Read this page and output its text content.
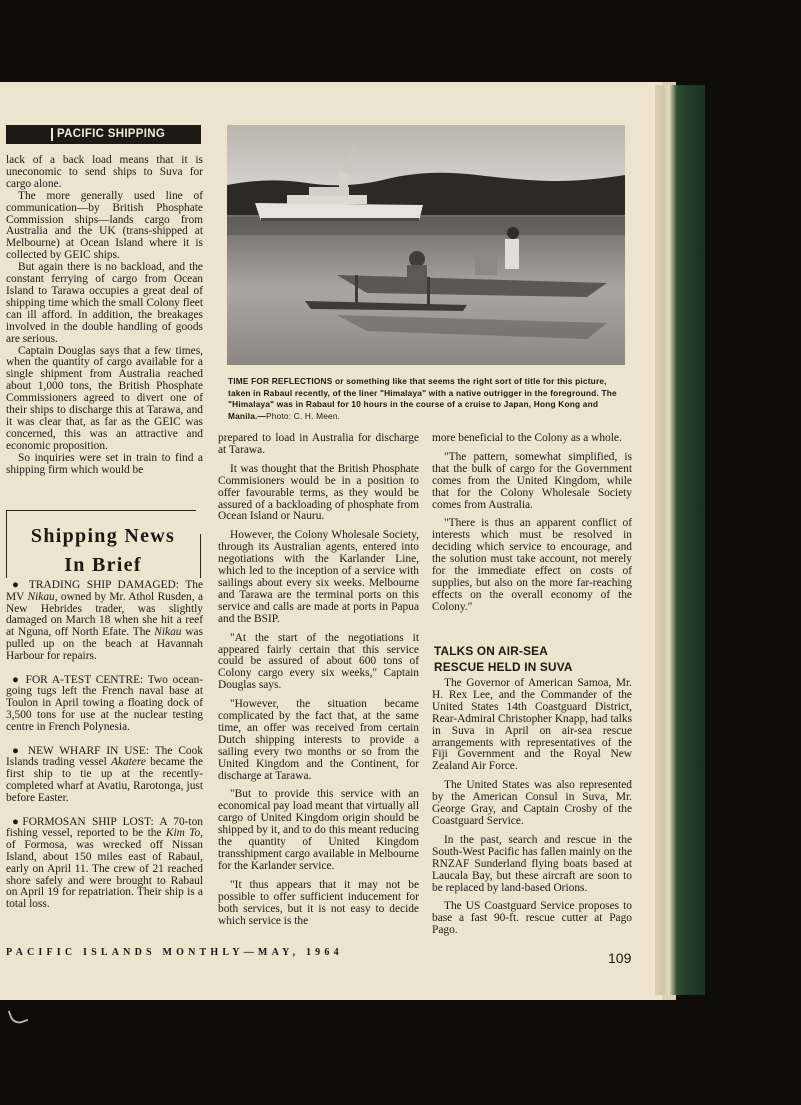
PACIFIC SHIPPING

lack of a back load means that it is uneconomic to send ships to Suva for cargo alone.

The more generally used line of communication—by British Phosphate Commission ships—lands cargo from Australia and the UK (trans-shipped at Melbourne) at Ocean Island where it is collected by GEIC ships.

But again there is no backload, and the constant ferrying of cargo from Ocean Island to Tarawa occupies a great deal of shipping time which the small Colony fleet can ill afford. In addition, the breakages involved in the double handling of goods are serious.

Captain Douglas says that a few times, when the quantity of cargo available for a single shipment from Australia reached about 1,000 tons, the British Phosphate Commissioners agreed to divert one of their ships to discharge this at Tarawa, and it was clear that, as far as the GEIC was concerned, this was an attractive and economic proposition.

So inquiries were set in train to find a shipping firm which would be

TIME FOR REFLECTIONS or something like that seems the right sort of title for this picture, taken in Rabaul recently, of the liner "Himalaya" with a native outrigger in the foreground. The "Himalaya" was in Rabaul for 10 hours in the course of a cruise to Japan, Hong Kong and Manila.—Photo: C. H. Meen.

prepared to load in Australia for discharge at Tarawa.

It was thought that the British Phosphate Commisioners would be in a position to offer favourable terms, as they would be assured of a backloading of phosphate from Ocean Island or Nauru.

However, the Colony Wholesale Society, through its Australian agents, entered into negotiations with the Karlander Line, which led to the inception of a service with sailings about every six weeks. Melbourne and Tarawa are the terminal ports on this service and calls are made at ports in Papua and the BSIP.

"At the start of the negotiations it appeared fairly certain that this service could be assured of about 600 tons of Colony cargo every six weeks," Captain Douglas says.

"However, the situation became complicated by the fact that, at the same time, an offer was received from certain Dutch shipping interests to provide a sailing every two months or so from the United Kingdom and the Continent, for discharge at Tarawa.

"But to provide this service with an economical pay load meant that virtually all cargo of United Kingdom origin should be shipped by it, and to do this meant reducing the quantity of United Kingdom transshipment cargo available in Melbourne for the Karlander service.

"It thus appears that it may not be possible to offer sufficient inducement for both services, but it is not easy to decide which service is the

more beneficial to the Colony as a whole.

"The pattern, somewhat simplified, is that the bulk of cargo for the Government comes from the United Kingdom, while that for the Colony Wholesale Society comes from Australia.

"There is thus an apparent conflict of interests which must be resolved in deciding which service to encourage, and the solution must take account, not merely for the immediate effect on costs of supplies, but also on the more far-reaching effects on the overall economy of the Colony."

TALKS ON AIR-SEA
RESCUE HELD IN SUVA

The Governor of American Samoa, Mr. H. Rex Lee, and the Commander of the United States 14th Coastguard District, Rear-Admiral Christopher Knapp, had talks in Suva in April on air-sea rescue arrangements with representatives of the Fiji Government and the Royal New Zealand Air Force.

The United States was also represented by the American Consul in Suva, Mr. George Gray, and Captain Crosby of the Coastguard Service.

In the past, search and rescue in the South-West Pacific has fallen mainly on the RNZAF Sunderland flying boats based at Laucala Bay, but these aircraft are soon to be replaced by land-based Orions.

The US Coastguard Service proposes to base a fast 90-ft. rescue cutter at Pago Pago.

Shipping News
In Brief

● TRADING SHIP DAMAGED: The MV Nikau, owned by Mr. Athol Rusden, a New Hebrides trader, was slightly damaged on March 18 when she hit a reef at Nguna, off North Efate. The Nikau was pulled up on the beach at Havannah Harbour for repairs.

● FOR A-TEST CENTRE: Two ocean-going tugs left the French naval base at Toulon in April towing a floating dock of 3,500 tons for use at the nuclear testing centre in French Polynesia.

● NEW WHARF IN USE: The Cook Islands trading vessel Akatere became the first ship to tie up at the recently-completed wharf at Avatiu, Rarotonga, just before Easter.

●FORMOSAN SHIP LOST: A 70-ton fishing vessel, reported to be the Kim To, of Formosa, was wrecked off Nissan Island, about 150 miles east of Rabaul, early on April 11. The crew of 21 reached shore safely and were brought to Rabaul on April 19 for repatriation. Their ship is a total loss.

PACIFIC ISLANDS MONTHLY—MAY, 1964	109
